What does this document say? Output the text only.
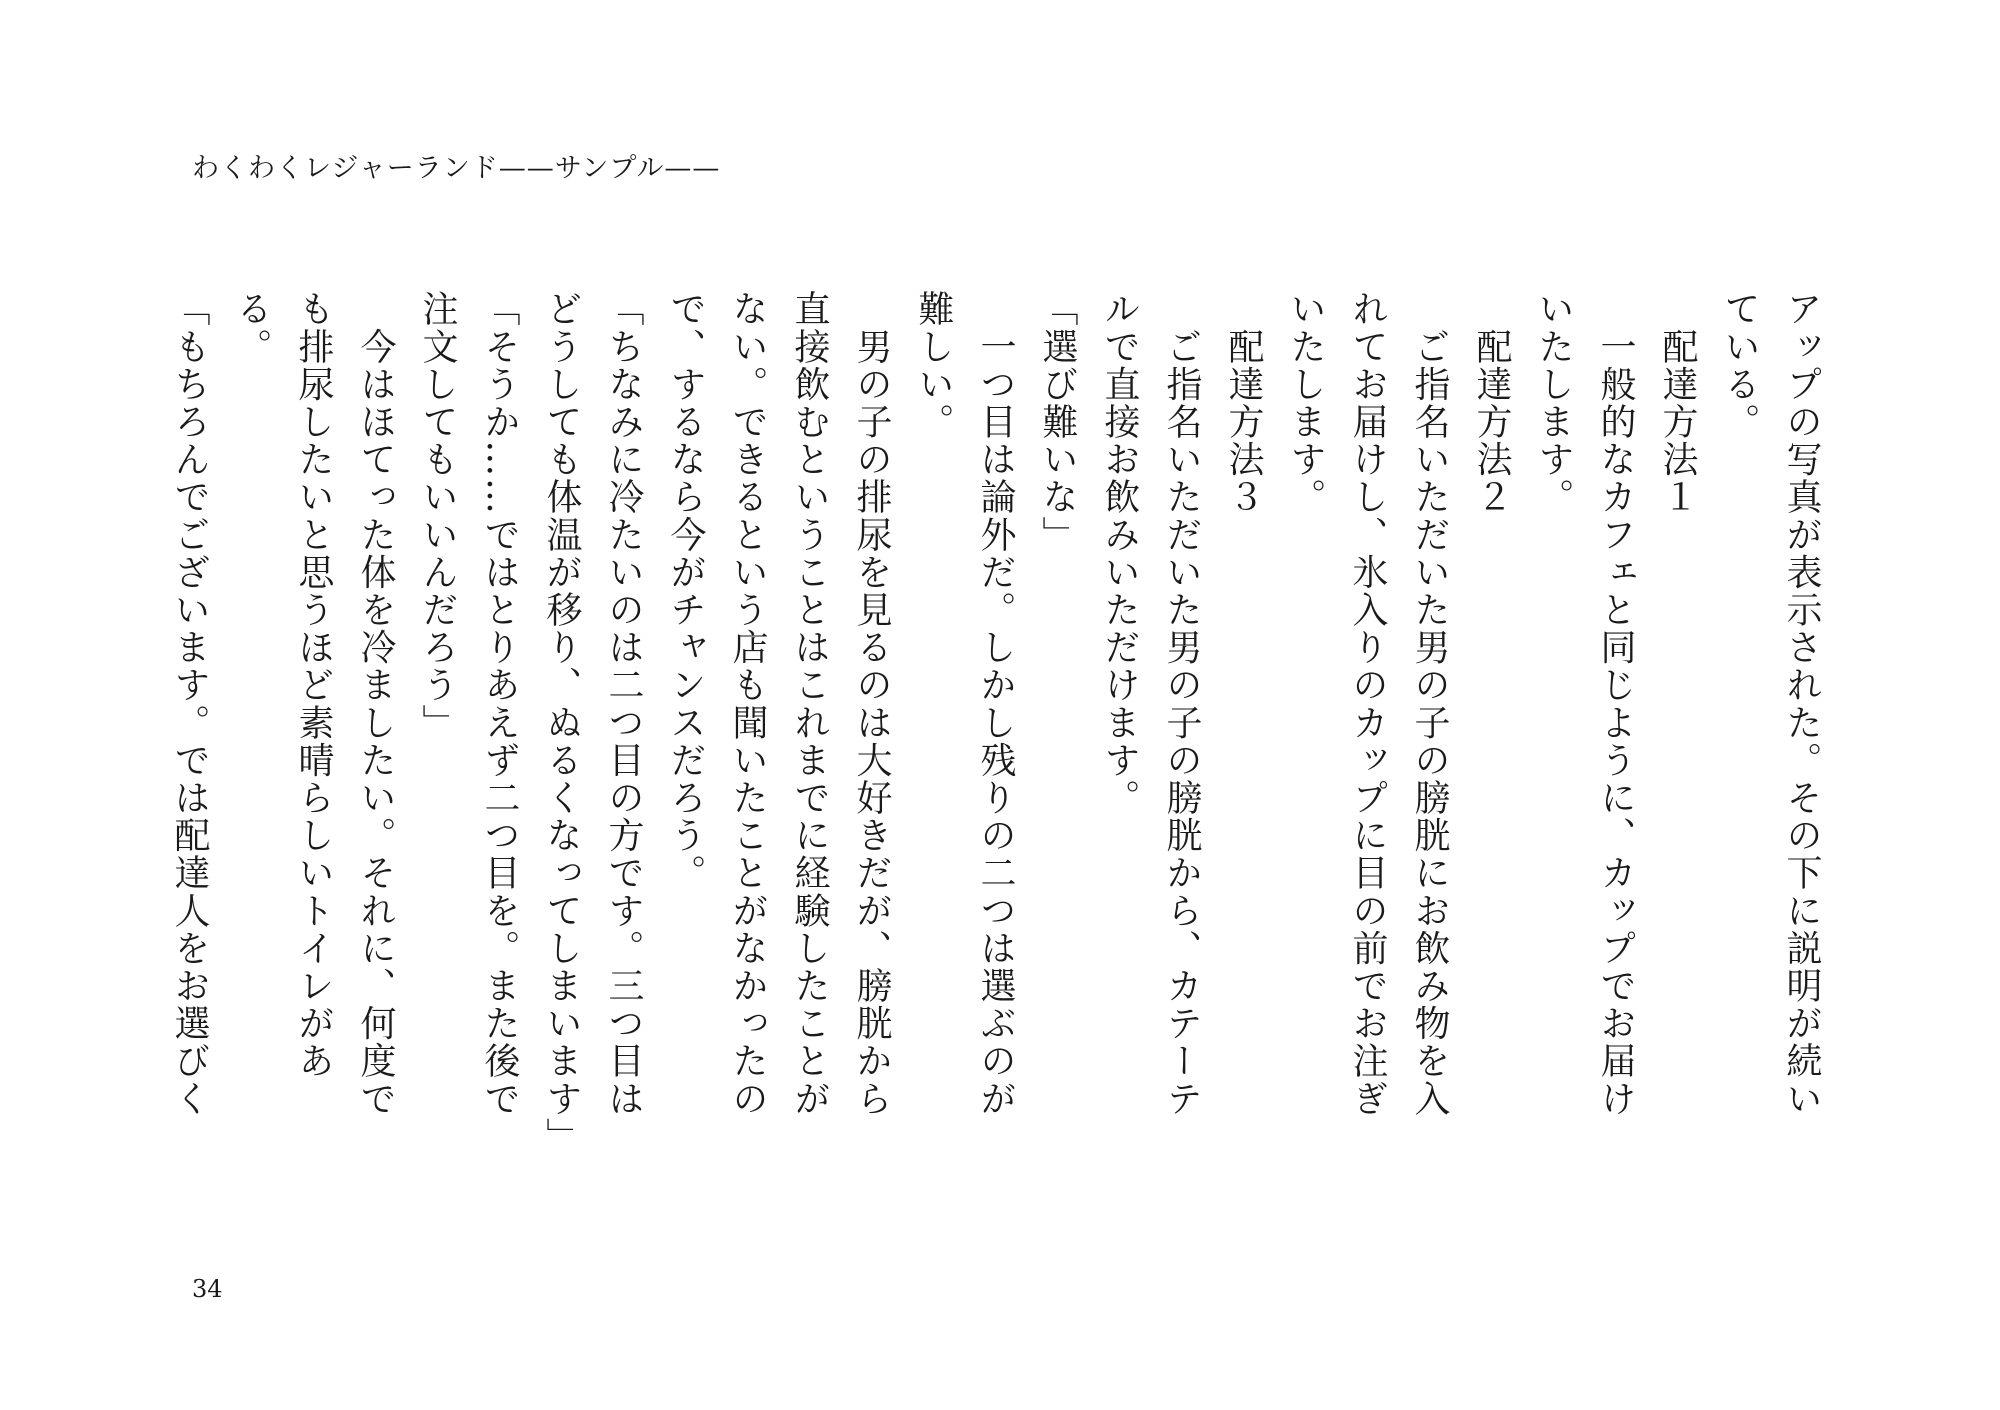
わくわくレジャーランド——サンプル——

アップの写真が表示された。その下に説明が続い

ている。

　配達方法１

　一般的なカフェと同じように、カップでお届け

いたします。

　配達方法２

　ご指名いただいた男の子の膀胱にお飲み物を入

れてお届けし、氷入りのカップに目の前でお注ぎ

いたします。

　配達方法３

　ご指名いただいた男の子の膀胱から、カテーテ

ルで直接お飲みいただけます。

「選び難いな」

　一つ目は論外だ。しかし残りの二つは選ぶのが

難しい。

　男の子の排尿を見るのは大好きだが、膀胱から

直接飲むということはこれまでに経験したことが

ない。できるという店も聞いたことがなかったの

で、するなら今がチャンスだろう。

「ちなみに冷たいのは二つ目の方です。三つ目は

どうしても体温が移り、ぬるくなってしまいます」

「そうか……ではとりあえず二つ目を。また後で

注文してもいいんだろう」

　今はほてった体を冷ましたい。それに、何度で

も排尿したいと思うほど素晴らしいトイレがある。

「もちろんでございます。では配達人をお選びく

34
